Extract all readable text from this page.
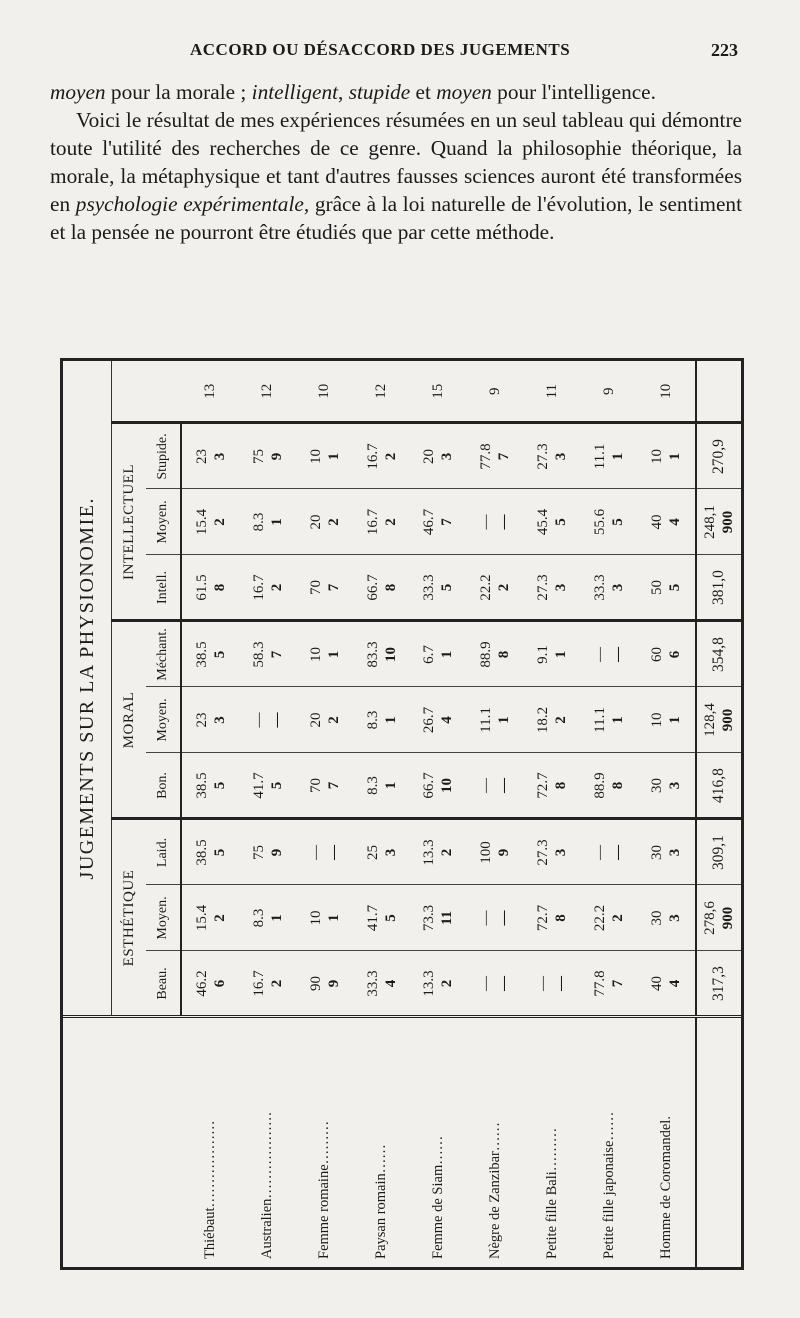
ACCORD OU DÉSACCORD DES JUGEMENTS	223

moyen pour la morale ; intelligent, stupide et moyen pour l'intelligence.

Voici le résultat de mes expériences résumées en un seul tableau qui démontre toute l'utilité des recherches de ce genre. Quand la philosophie théorique, la morale, la métaphysique et tant d'autres fausses sciences auront été transformées en psychologie expérimentale, grâce à la loi naturelle de l'évolution, le sentiment et la pensée ne pourront être étudiés que par cette méthode.

	JUGEMENTS SUR LA PHYSIONOMIE.									
	ESTHÉTIQUE			MORAL			INTELLECTUEL			
	Beau.	Moyen.	Laid.	Bon.	Moyen.	Méchant.	Intell.	Moyen.	Stupide.	
Thiébaut………………	46.2 6	15.4 2	38.5 5	38.5 5	23 3	38.5 5	61.5 8	15.4 2	23 3	13
Australien………………	16.7 2	8.3 1	75 9	41.7 5	— —	58.3 7	16.7 2	8.3 1	75 9	12
Femme romaine………	90 9	10 1	— —	70 7	20 2	10 1	70 7	20 2	10 1	10
Paysan romain……	33.3 4	41.7 5	25 3	8.3 1	8.3 1	83.3 10	66.7 8	16.7 2	16.7 2	12
Femme de Siam……	13.3 2	73.3 11	13.3 2	66.7 10	26.7 4	6.7 1	33.3 5	46.7 7	20 3	15
Nègre de Zanzibar……	— —	— —	100 9	— —	11.1 1	88.9 8	22.2 2	— —	77.8 7	9
Petite fille Bali………	— —	72.7 8	27.3 3	72.7 8	18.2 2	9.1 1	27.3 3	45.4 5	27.3 3	11
Petite fille japonaise……	77.8 7	22.2 2	— —	88.9 8	11.1 1	— —	33.3 3	55.6 5	11.1 1	9
Homme de Coromandel.	40 4	30 3	30 3	30 3	10 1	60 6	50 5	40 4	10 1	10
	317,3	278,6 900	309,1	416,8	128,4 900	354,8	381,0	248,1 900	270,9	
